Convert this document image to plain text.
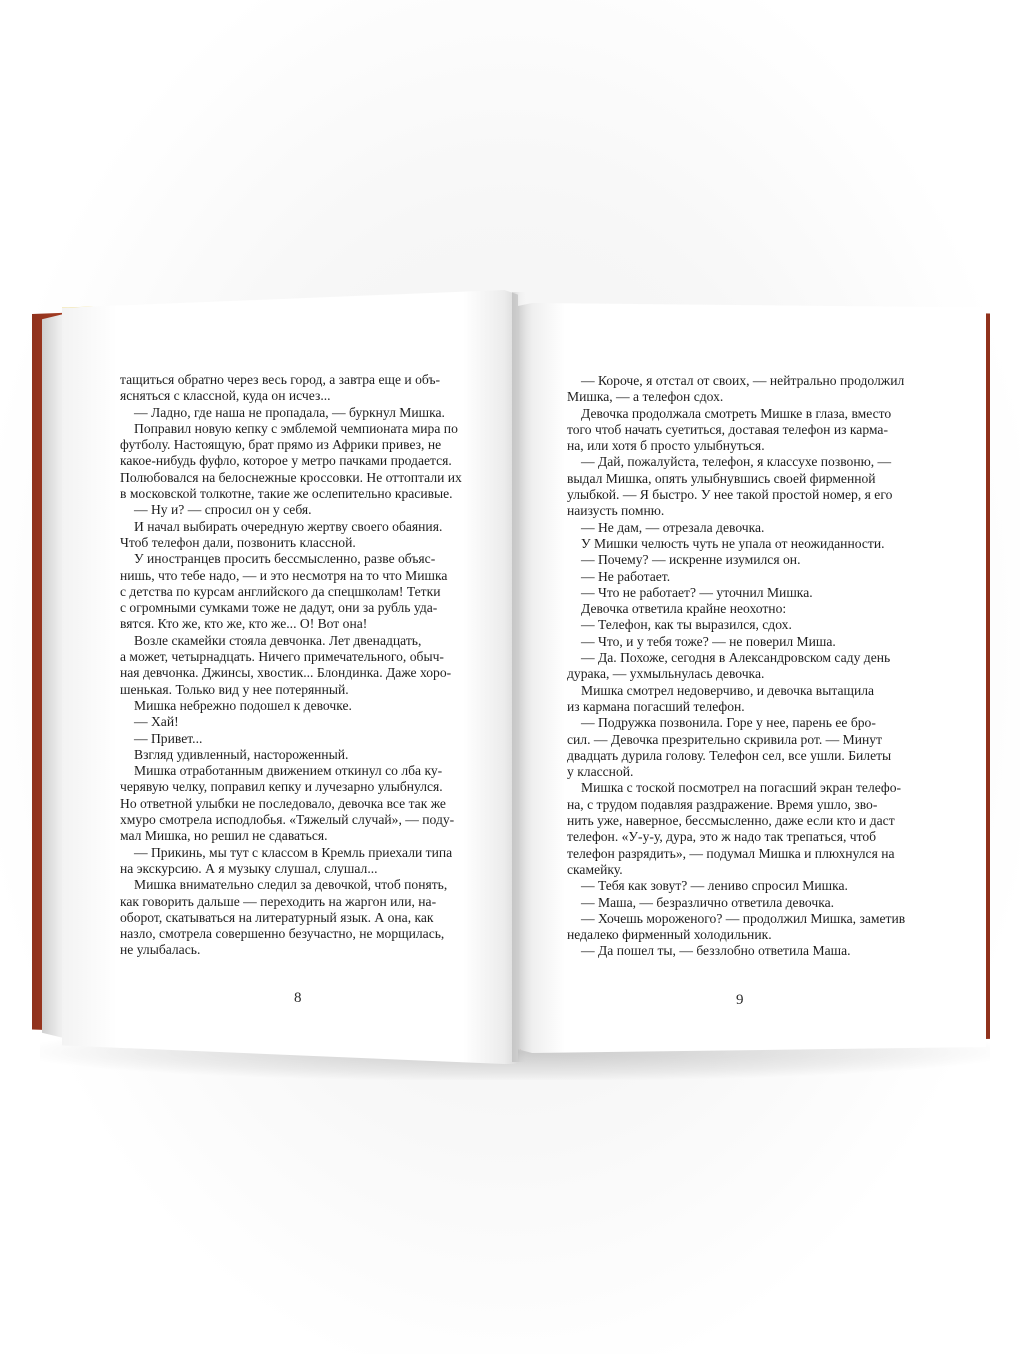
тащиться обратно через весь город, а завтра еще и объ-

ясняться с классной, куда он исчез...

— Ладно, где наша не пропадала, — буркнул Мишка.

Поправил новую кепку с эмблемой чемпионата мира по

футболу. Настоящую, брат прямо из Африки привез, не

какое-нибудь фуфло, которое у метро пачками продается.

Полюбовался на белоснежные кроссовки. Не оттоптали их

в московской толкотне, такие же ослепительно красивые.

— Ну и? — спросил он у себя.

И начал выбирать очередную жертву своего обаяния.

Чтоб телефон дали, позвонить классной.

У иностранцев просить бессмысленно, разве объяс-

нишь, что тебе надо, — и это несмотря на то что Мишка

с детства по курсам английского да спецшколам! Тетки

с огромными сумками тоже не дадут, они за рубль уда-

вятся. Кто же, кто же, кто же... О! Вот она!

Возле скамейки стояла девчонка. Лет двенадцать,

а может, четырнадцать. Ничего примечательного, обыч-

ная девчонка. Джинсы, хвостик... Блондинка. Даже хоро-

шенькая. Только вид у нее потерянный.

Мишка небрежно подошел к девочке.

— Хай!

— Привет...

Взгляд удивленный, настороженный.

Мишка отработанным движением откинул со лба ку-

черявую челку, поправил кепку и лучезарно улыбнулся.

Но ответной улыбки не последовало, девочка все так же

хмуро смотрела исподлобья. «Тяжелый случай», — поду-

мал Мишка, но решил не сдаваться.

— Прикинь, мы тут с классом в Кремль приехали типа

на экскурсию. А я музыку слушал, слушал...

Мишка внимательно следил за девочкой, чтоб понять,

как говорить дальше — переходить на жаргон или, на-

оборот, скатываться на литературный язык. А она, как

назло, смотрела совершенно безучастно, не морщилась,

не улыбалась.

— Короче, я отстал от своих, — нейтрально продолжил

Мишка, — а телефон сдох.

Девочка продолжала смотреть Мишке в глаза, вместо

того чтоб начать суетиться, доставая телефон из карма-

на, или хотя б просто улыбнуться.

— Дай, пожалуйста, телефон, я классухе позвоню, —

выдал Мишка, опять улыбнувшись своей фирменной

улыбкой. — Я быстро. У нее такой простой номер, я его

наизусть помню.

— Не дам, — отрезала девочка.

У Мишки челюсть чуть не упала от неожиданности.

— Почему? — искренне изумился он.

— Не работает.

— Что не работает? — уточнил Мишка.

Девочка ответила крайне неохотно:

— Телефон, как ты выразился, сдох.

— Что, и у тебя тоже? — не поверил Миша.

— Да. Похоже, сегодня в Александровском саду день

дурака, — ухмыльнулась девочка.

Мишка смотрел недоверчиво, и девочка вытащила

из кармана погасший телефон.

— Подружка позвонила. Горе у нее, парень ее бро-

сил. — Девочка презрительно скривила рот. — Минут

двадцать дурила голову. Телефон сел, все ушли. Билеты

у классной.

Мишка с тоской посмотрел на погасший экран телефо-

на, с трудом подавляя раздражение. Время ушло, зво-

нить уже, наверное, бессмысленно, даже если кто и даст

телефон. «У-у-у, дура, это ж надо так трепаться, чтоб

телефон разрядить», — подумал Мишка и плюхнулся на

скамейку.

— Тебя как зовут? — лениво спросил Мишка.

— Маша, — безразлично ответила девочка.

— Хочешь мороженого? — продолжил Мишка, заметив

недалеко фирменный холодильник.

— Да пошел ты, — беззлобно ответила Маша.

8	9
